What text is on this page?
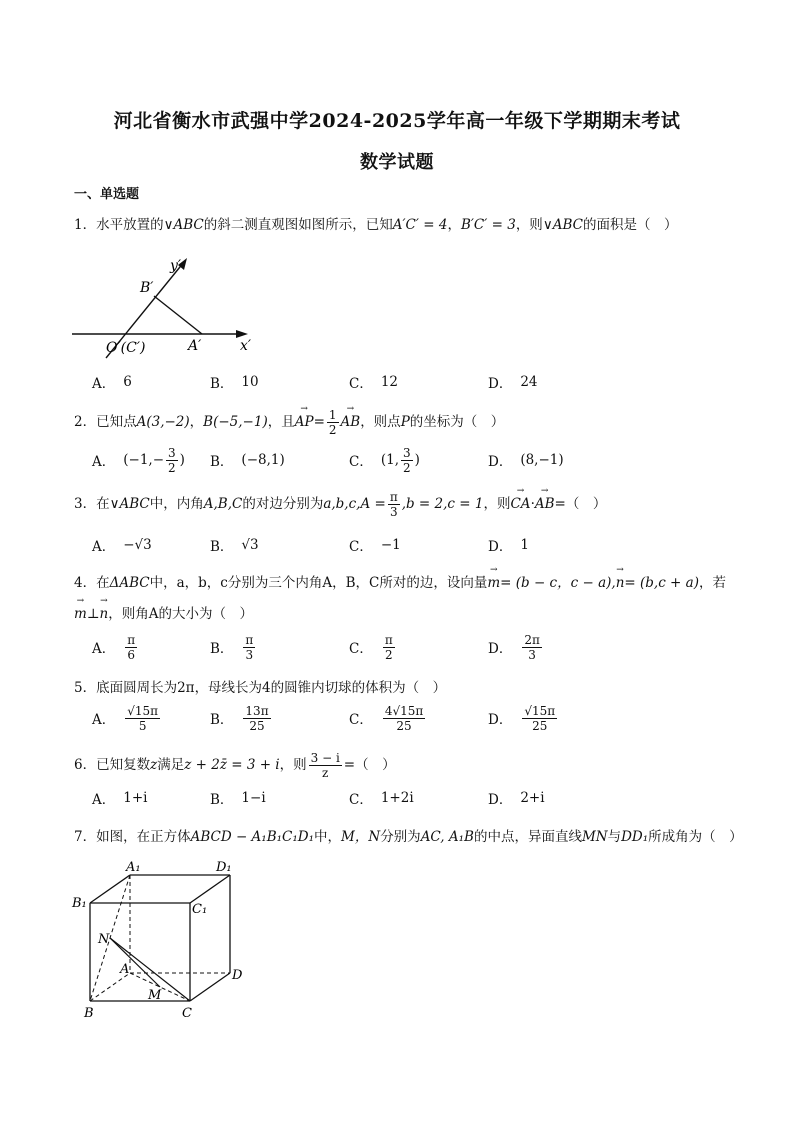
河北省衡水市武强中学2024-2025学年高一年级下学期期末考试
数学试题
一、单选题
1．水平放置的∨ABC的斜二测直观图如图所示，已知A′C′ = 4，B′C′ = 3，则∨ABC的面积是（　）
y′
B′
O′(C′)	A′	x′
A． 6	B． 10	C． 12	D． 24
2．已知点A(3,−2)，B(−5,−1)，且→ $AP= \frac{1}{2}$
→ AB，则点P的坐标为（　）
A． ($-1,- \frac{3}{2}$ ) B． (−8,1)	C． (1, $\frac{3}{2}$ )	D． (8,−1)
3．在∨ABC中，内角A,B,C的对边分别为$a,b,c,A = \frac{\pi}{3} ,b = 2,c = 1$，则→ CA·→ AB=（　）
A． −√3	B． √3	C． −1	D． 1
4．在ΔABC中，a，b，c分别为三个内角A，B，C所对的边，设向量→ m= (b − c，c − a),→ n= (b,c + a)，若
→ m⊥→ n，则角A的大小为（　）
A． $\frac{\pi}{6}$	B． $\frac{\pi}{3}$	C． $\frac{\pi}{2}$	D． $\frac{2\pi}{3}$
5．底面圆周长为2π，母线长为4的圆锥内切球的体积为（　）
A． $\frac{√15\pi}{5}$	B． $\frac{13\pi}{25}$	C． $\frac{4√15\pi}{25}$	D． $\frac{√15\pi}{25}$
6．已知复数z满足z + 2z̄ = 3 + i，则 $\frac{3 - i}{z}$ =（　）
A． 1+i	B． 1−i	C． 1+2i	D． 2+i
7．如图，在正方体ABCD − A₁B₁C₁D₁中，M，N分别为AC, A₁B的中点，异面直线MN与DD₁所成角为（　）
A₁	D₁
B₁	C₁
N
A	D
M
B	C
